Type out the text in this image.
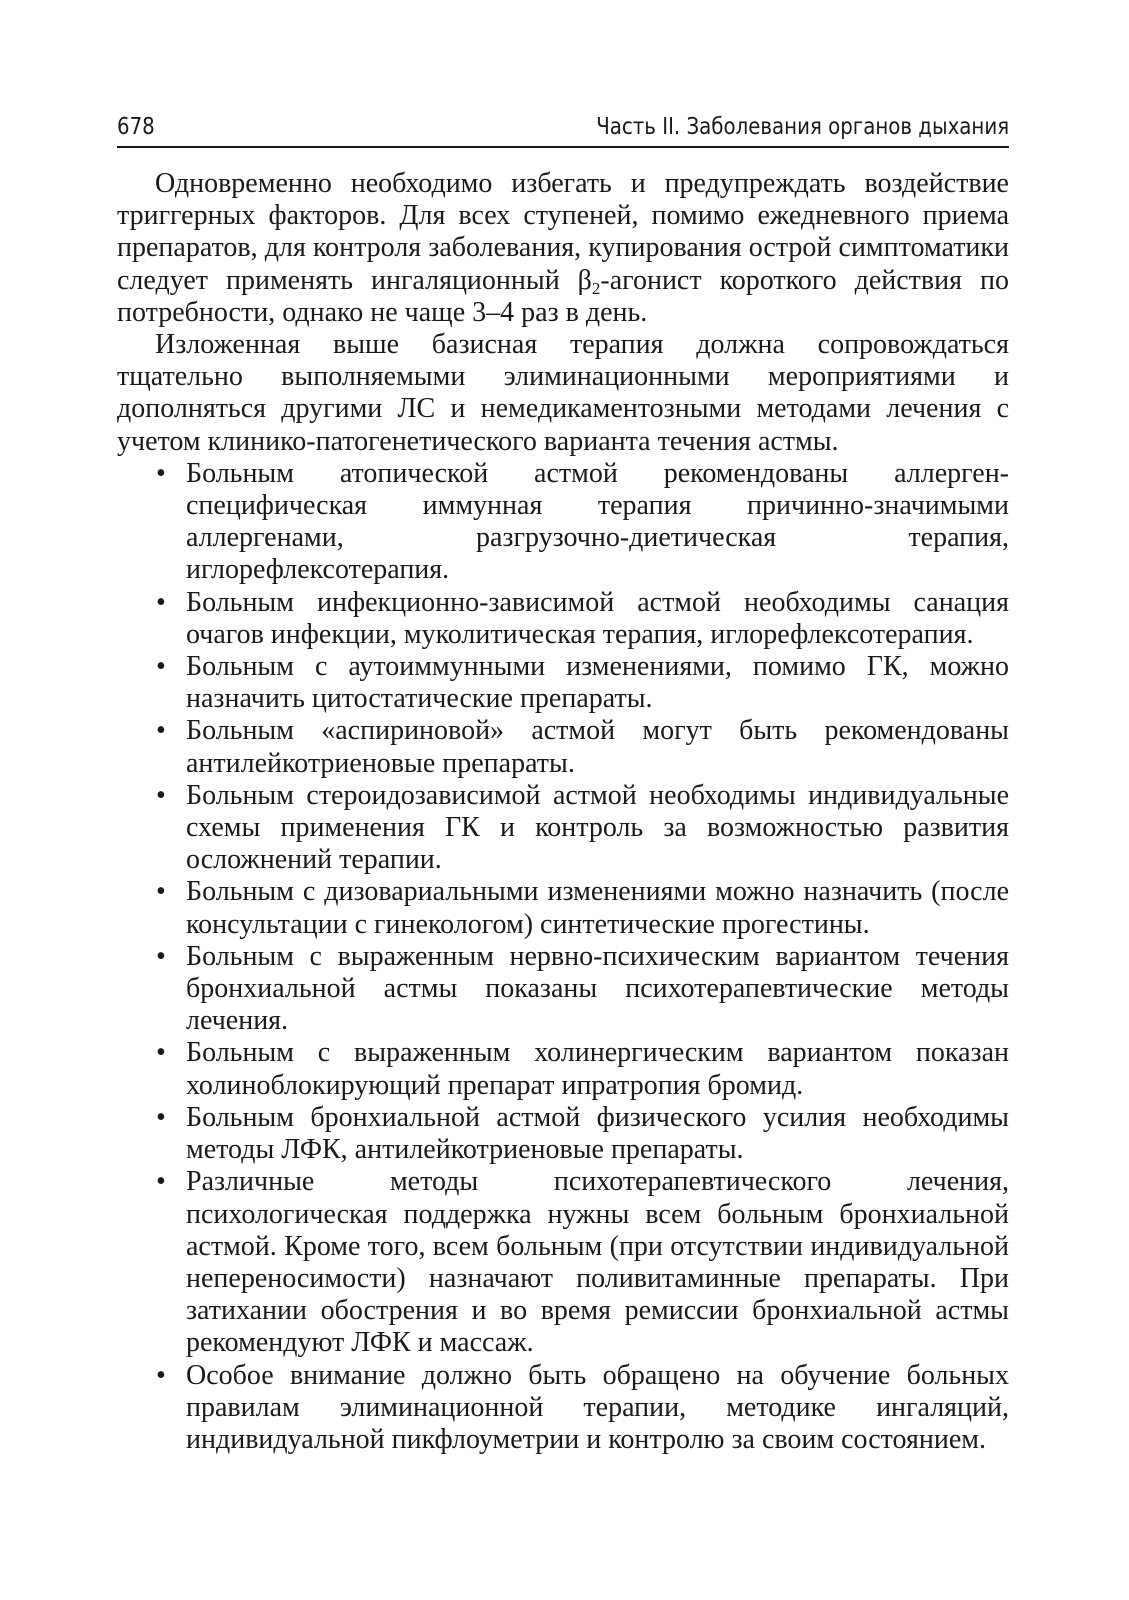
678	Часть II. Заболевания органов дыхания

Одновременно необходимо избегать и предупреждать воздействие триггерных факторов. Для всех ступеней, помимо ежедневного приема препаратов, для контроля заболевания, купирования острой симптоматики следует применять ингаляционный $\beta_2$-агонист короткого действия по потребности, однако не чаще 3–4 раз в день.

Изложенная выше базисная терапия должна сопровождаться тщательно выполняемыми элиминационными мероприятиями и дополняться другими ЛС и немедикаментозными методами лечения с учетом клинико-патогенетического варианта течения астмы.

• Больным атопической астмой рекомендованы аллерген-специфическая иммунная терапия причинно-значимыми аллергенами, разгрузочно-диетическая терапия, иглорефлексотерапия.
• Больным инфекционно-зависимой астмой необходимы санация очагов инфекции, муколитическая терапия, иглорефлексотерапия.
• Больным с аутоиммунными изменениями, помимо ГК, можно назначить цитостатические препараты.
• Больным «аспириновой» астмой могут быть рекомендованы антилейкотриеновые препараты.
• Больным стероидозависимой астмой необходимы индивидуальные схемы применения ГК и контроль за возможностью развития осложнений терапии.
• Больным с дизовариальными изменениями можно назначить (после консультации с гинекологом) синтетические прогестины.
• Больным с выраженным нервно-психическим вариантом течения бронхиальной астмы показаны психотерапевтические методы лечения.
• Больным с выраженным холинергическим вариантом показан холиноблокирующий препарат ипратропия бромид.
• Больным бронхиальной астмой физического усилия необходимы методы ЛФК, антилейкотриеновые препараты.
• Различные методы психотерапевтического лечения, психологическая поддержка нужны всем больным бронхиальной астмой. Кроме того, всем больным (при отсутствии индивидуальной непереносимости) назначают поливитаминные препараты. При затихании обострения и во время ремиссии бронхиальной астмы рекомендуют ЛФК и массаж.
• Особое внимание должно быть обращено на обучение больных правилам элиминационной терапии, методике ингаляций, индивидуальной пикфлоуметрии и контролю за своим состоянием.
